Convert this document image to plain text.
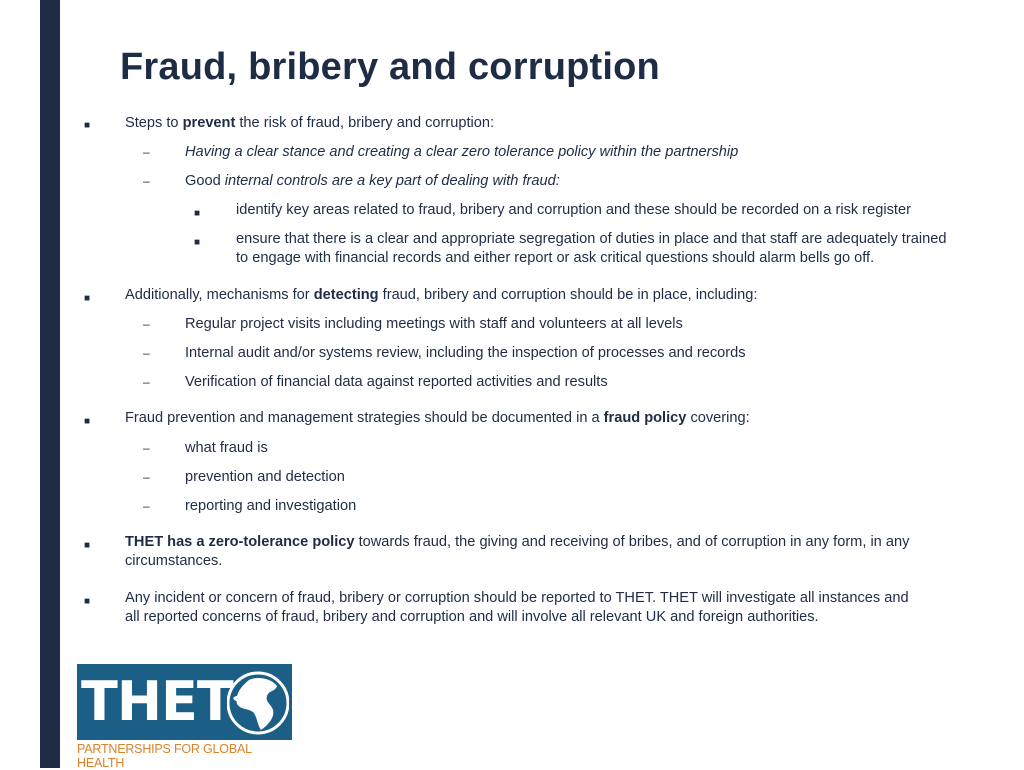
Fraud, bribery and corruption
■ Steps to prevent the risk of fraud, bribery and corruption:
– Having a clear stance and creating a clear zero tolerance policy within the partnership
– Good internal controls are a key part of dealing with fraud:
■ identify key areas related to fraud, bribery and corruption and these should be recorded on a risk register
■ ensure that there is a clear and appropriate segregation of duties in place and that staff are adequately trained
to engage with financial records and either report or ask critical questions should alarm bells go off.
■ Additionally, mechanisms for detecting fraud, bribery and corruption should be in place, including:
– Regular project visits including meetings with staff and volunteers at all levels
– Internal audit and/or systems review, including the inspection of processes and records
– Verification of financial data against reported activities and results
■ Fraud prevention and management strategies should be documented in a fraud policy covering:
– what fraud is
– prevention and detection
– reporting and investigation
■ THET has a zero-tolerance policy towards fraud, the giving and receiving of bribes, and of corruption in any form, in any
circumstances.
■ Any incident or concern of fraud, bribery or corruption should be reported to THET. THET will investigate all instances and
all reported concerns of fraud, bribery and corruption and will involve all relevant UK and foreign authorities.
THET
PARTNERSHIPS FOR GLOBAL HEALTH
